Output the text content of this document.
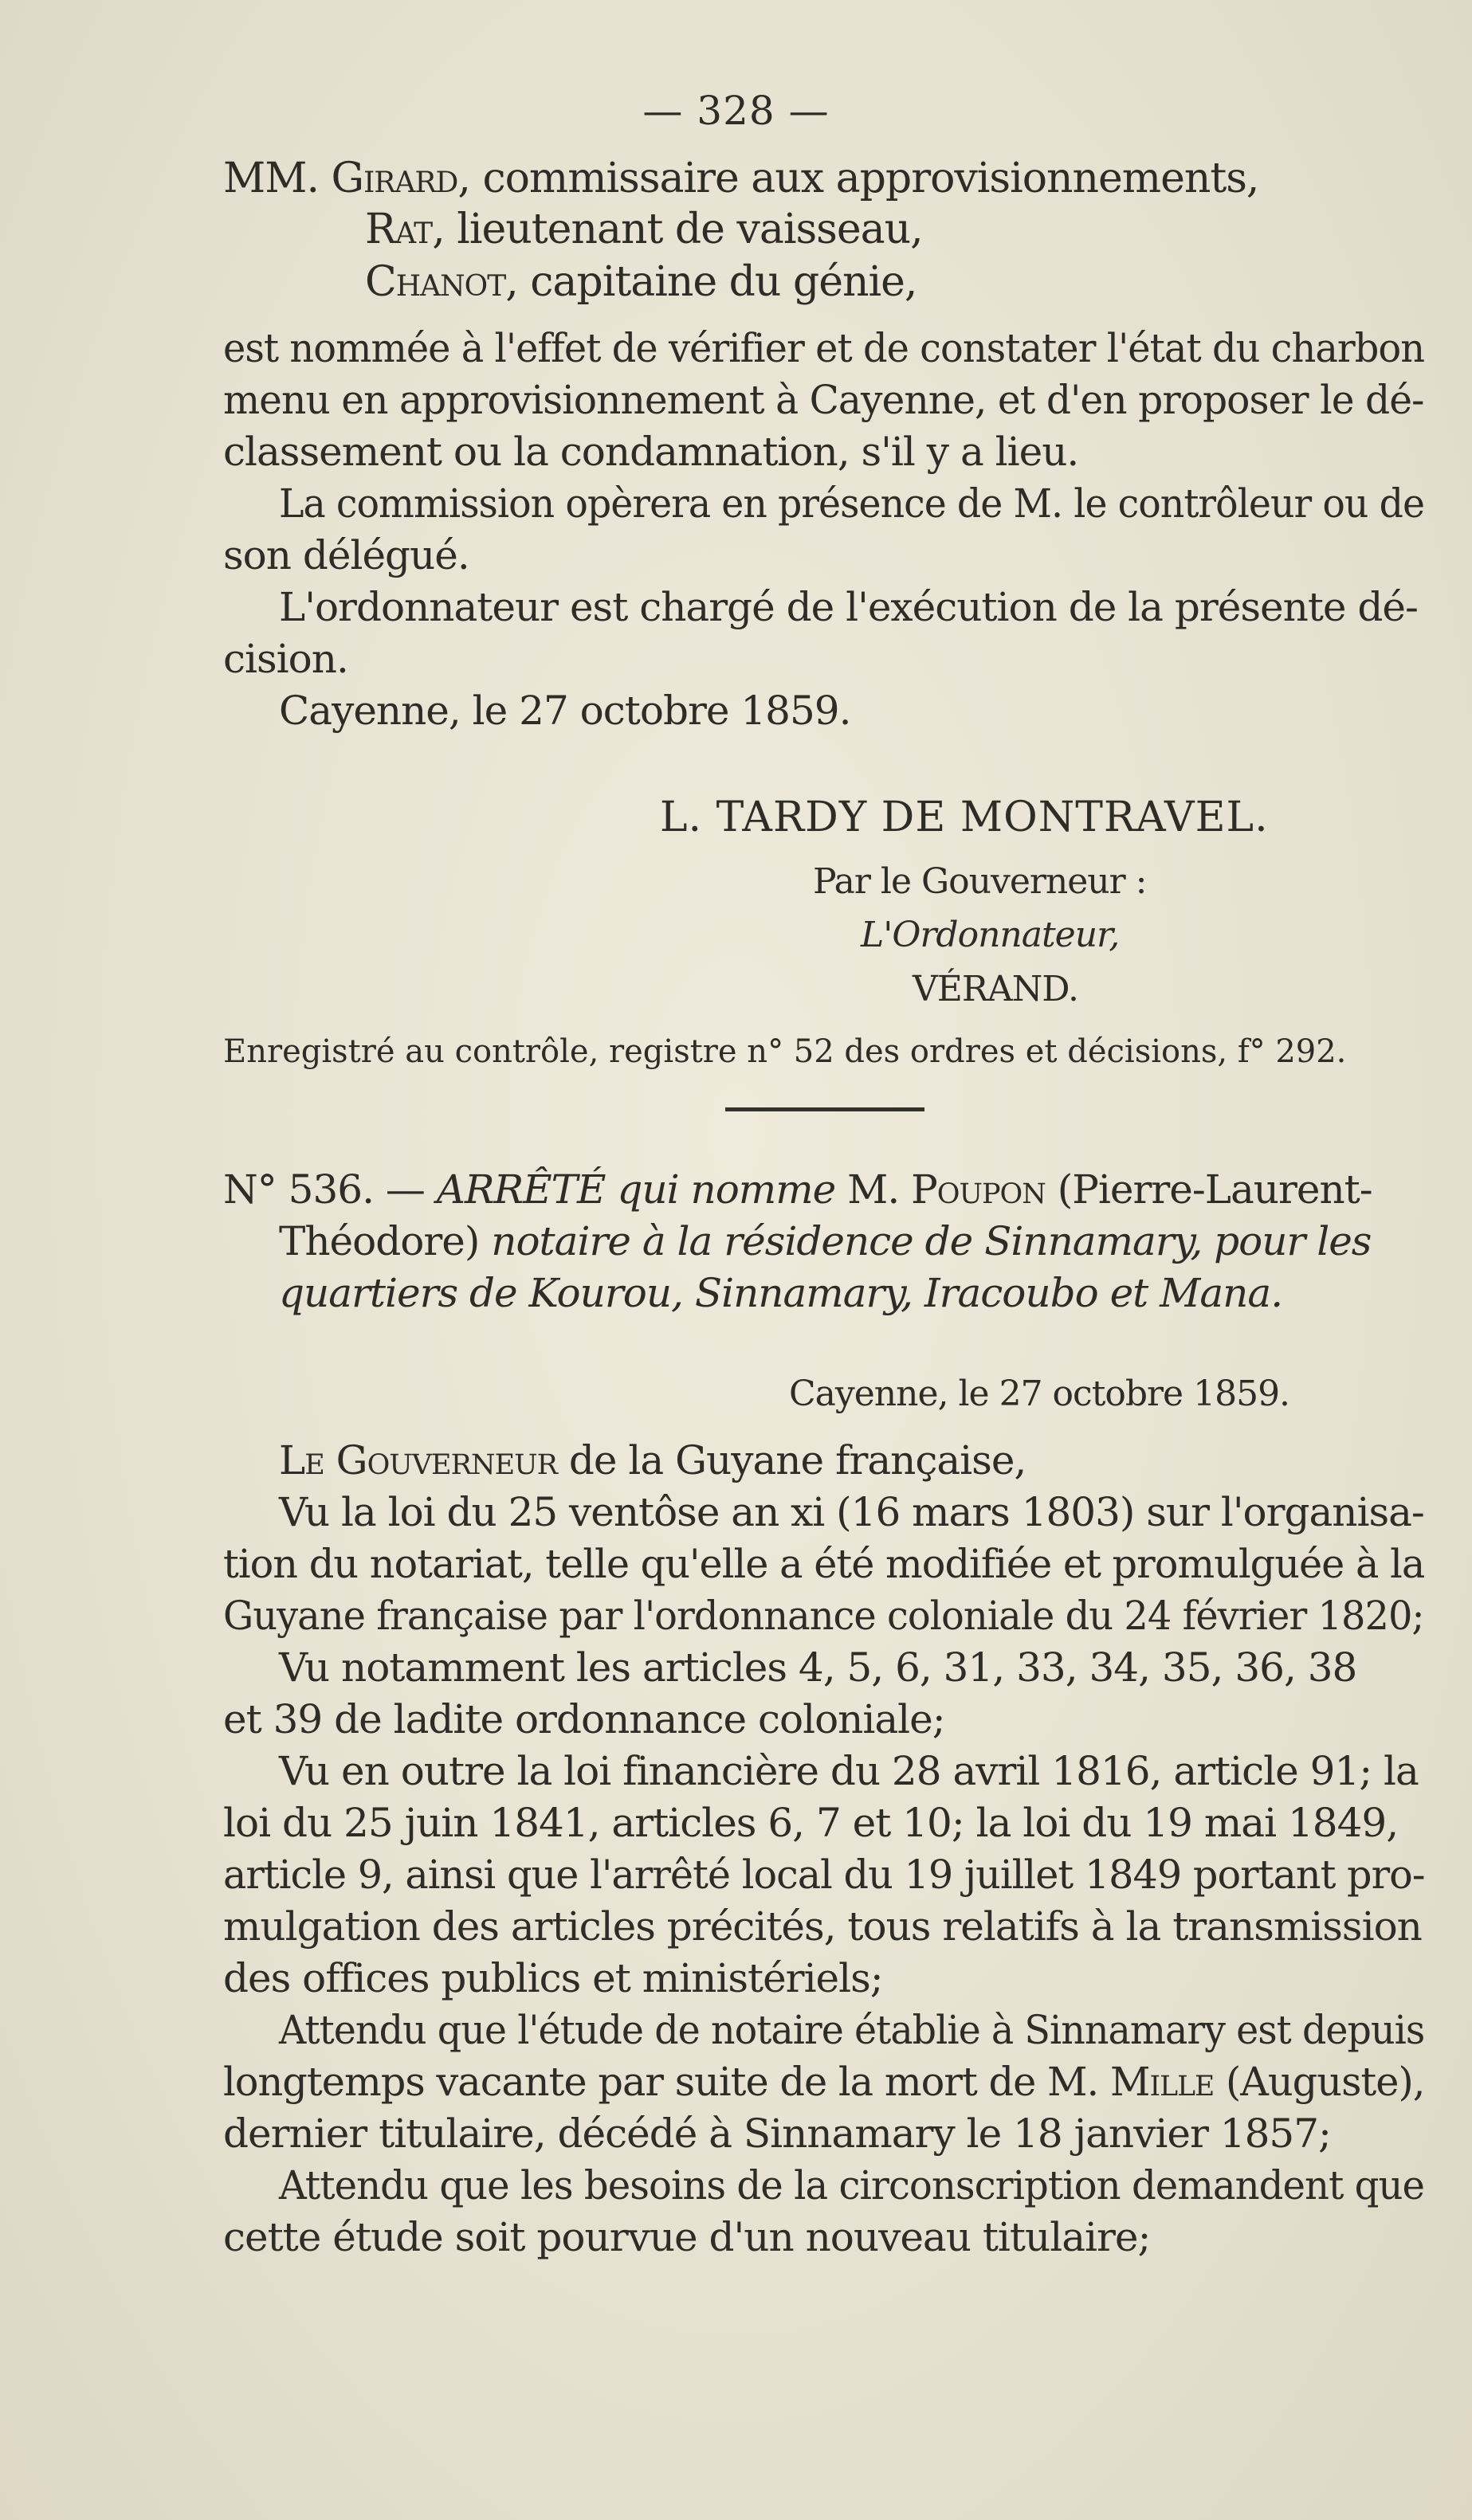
— 328 —
MM. Girard, commissaire aux approvisionnements,
Rat, lieutenant de vaisseau,
Chanot, capitaine du génie,
est nommée à l'effet de vérifier et de constater l'état du charbon
menu en approvisionnement à Cayenne, et d'en proposer le dé-
classement ou la condamnation, s'il y a lieu.
La commission opèrera en présence de M. le contrôleur ou de
son délégué.
L'ordonnateur est chargé de l'exécution de la présente dé-
cision.
Cayenne, le 27 octobre 1859.
L. TARDY DE MONTRAVEL.
Par le Gouverneur :
L'Ordonnateur,
VÉRAND.
Enregistré au contrôle, registre n° 52 des ordres et décisions, f° 292.
N° 536. — ARRÊTÉ qui nomme M. Poupon (Pierre-Laurent-
Théodore) notaire à la résidence de Sinnamary, pour les
quartiers de Kourou, Sinnamary, Iracoubo et Mana.
Cayenne, le 27 octobre 1859.
Le Gouverneur de la Guyane française,
Vu la loi du 25 ventôse an xi (16 mars 1803) sur l'organisa-
tion du notariat, telle qu'elle a été modifiée et promulguée à la
Guyane française par l'ordonnance coloniale du 24 février 1820;
Vu notamment les articles 4, 5, 6, 31, 33, 34, 35, 36, 38
et 39 de ladite ordonnance coloniale;
Vu en outre la loi financière du 28 avril 1816, article 91; la
loi du 25 juin 1841, articles 6, 7 et 10; la loi du 19 mai 1849,
article 9, ainsi que l'arrêté local du 19 juillet 1849 portant pro-
mulgation des articles précités, tous relatifs à la transmission
des offices publics et ministériels;
Attendu que l'étude de notaire établie à Sinnamary est depuis
longtemps vacante par suite de la mort de M. Mille (Auguste),
dernier titulaire, décédé à Sinnamary le 18 janvier 1857;
Attendu que les besoins de la circonscription demandent que
cette étude soit pourvue d'un nouveau titulaire;
